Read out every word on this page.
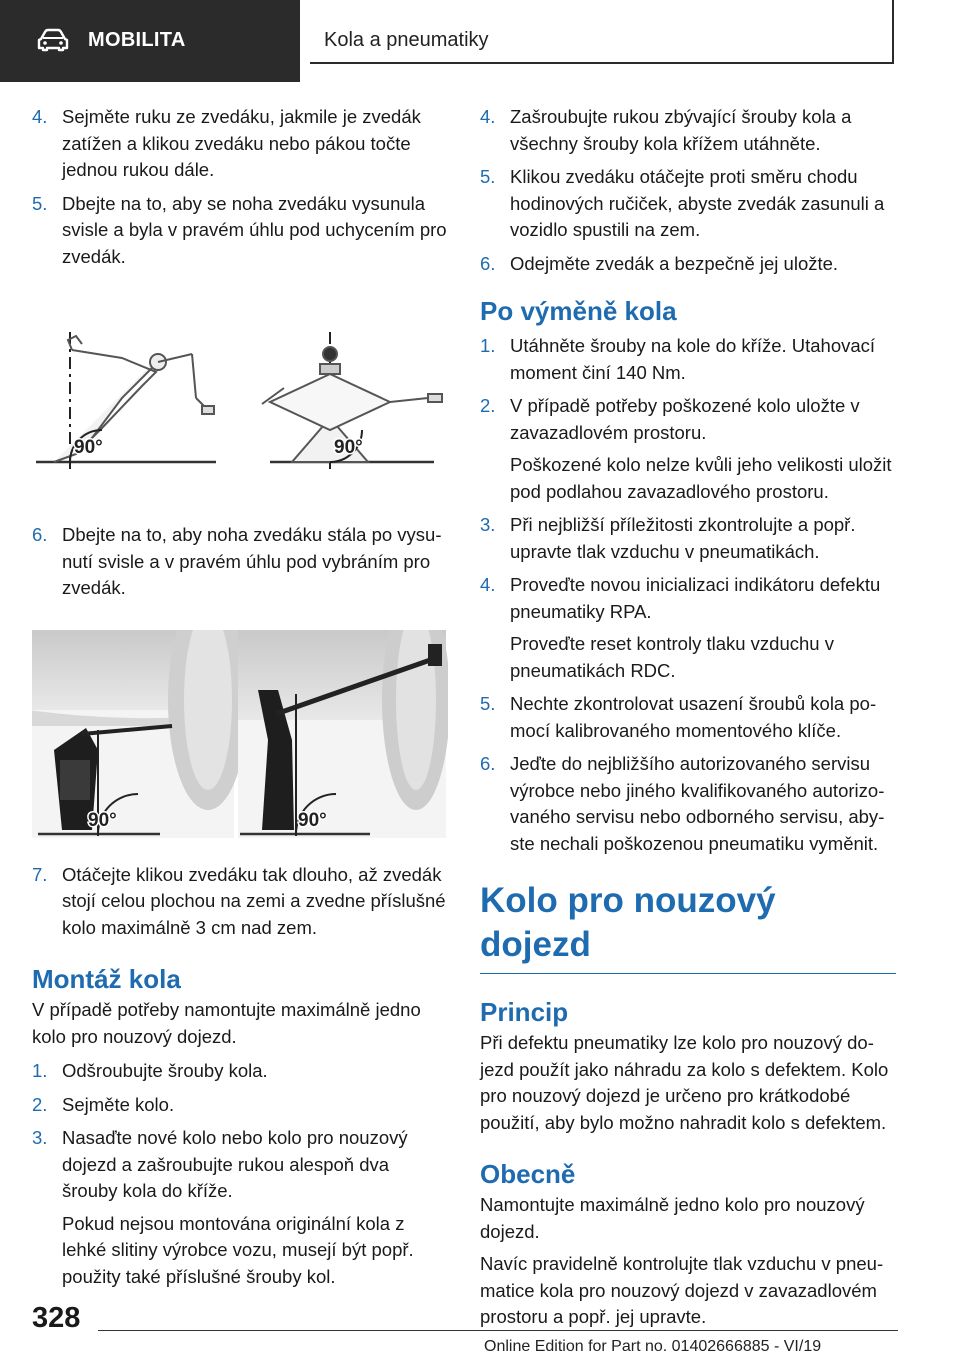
MOBILITA	Kola a pneumatiky
4. Sejměte ruku ze zvedáku, jakmile je zvedák zatížen a klikou zvedáku nebo pákou točte jednou rukou dále.
5. Dbejte na to, aby se noha zvedáku vysunula svisle a byla v pravém úhlu pod uchycením pro zvedák.
90°	90°
6. Dbejte na to, aby noha zvedáku stála po vysunutí svisle a v pravém úhlu pod vybráním pro zvedák.
90°	90°
7. Otáčejte klikou zvedáku tak dlouho, až zvedák stojí celou plochou na zemi a zvedne příslušné kolo maximálně 3 cm nad zem.
Montáž kola
V případě potřeby namontujte maximálně jedno kolo pro nouzový dojezd.
1. Odšroubujte šrouby kola.
2. Sejměte kolo.
3. Nasaďte nové kolo nebo kolo pro nouzový dojezd a zašroubujte rukou alespoň dva šrouby kola do kříže.
Pokud nejsou montována originální kola z lehké slitiny výrobce vozu, musejí být popř. použity také příslušné šrouby kol.
4. Zašroubujte rukou zbývající šrouby kola a všechny šrouby kola křížem utáhněte.
5. Klikou zvedáku otáčejte proti směru chodu hodinových ručiček, abyste zvedák zasunuli a vozidlo spustili na zem.
6. Odejměte zvedák a bezpečně jej uložte.
Po výměně kola
1. Utáhněte šrouby na kole do kříže. Utahovací moment činí 140 Nm.
2. V případě potřeby poškozené kolo uložte v zavazadlovém prostoru.
Poškozené kolo nelze kvůli jeho velikosti uložit pod podlahou zavazadlového prostoru.
3. Při nejbližší příležitosti zkontrolujte a popř. upravte tlak vzduchu v pneumatikách.
4. Proveďte novou inicializaci indikátoru defektu pneumatiky RPA.
Proveďte reset kontroly tlaku vzduchu v pneumatikách RDC.
5. Nechte zkontrolovat usazení šroubů kola pomocí kalibrovaného momentového klíče.
6. Jeďte do nejbližšího autorizovaného servisu výrobce nebo jiného kvalifikovaného autorizovaného servisu nebo odborného servisu, abyste nechali poškozenou pneumatiku vyměnit.
Kolo pro nouzový dojezd
Princip
Při defektu pneumatiky lze kolo pro nouzový dojezd použít jako náhradu za kolo s defektem. Kolo pro nouzový dojezd je určeno pro krátkodobé použití, aby bylo možno nahradit kolo s defektem.
Obecně
Namontujte maximálně jedno kolo pro nouzový dojezd.
Navíc pravidelně kontrolujte tlak vzduchu v pneumatice kola pro nouzový dojezd v zavazadlovém prostoru a popř. jej upravte.
328
Online Edition for Part no. 01402666885 - VI/19
